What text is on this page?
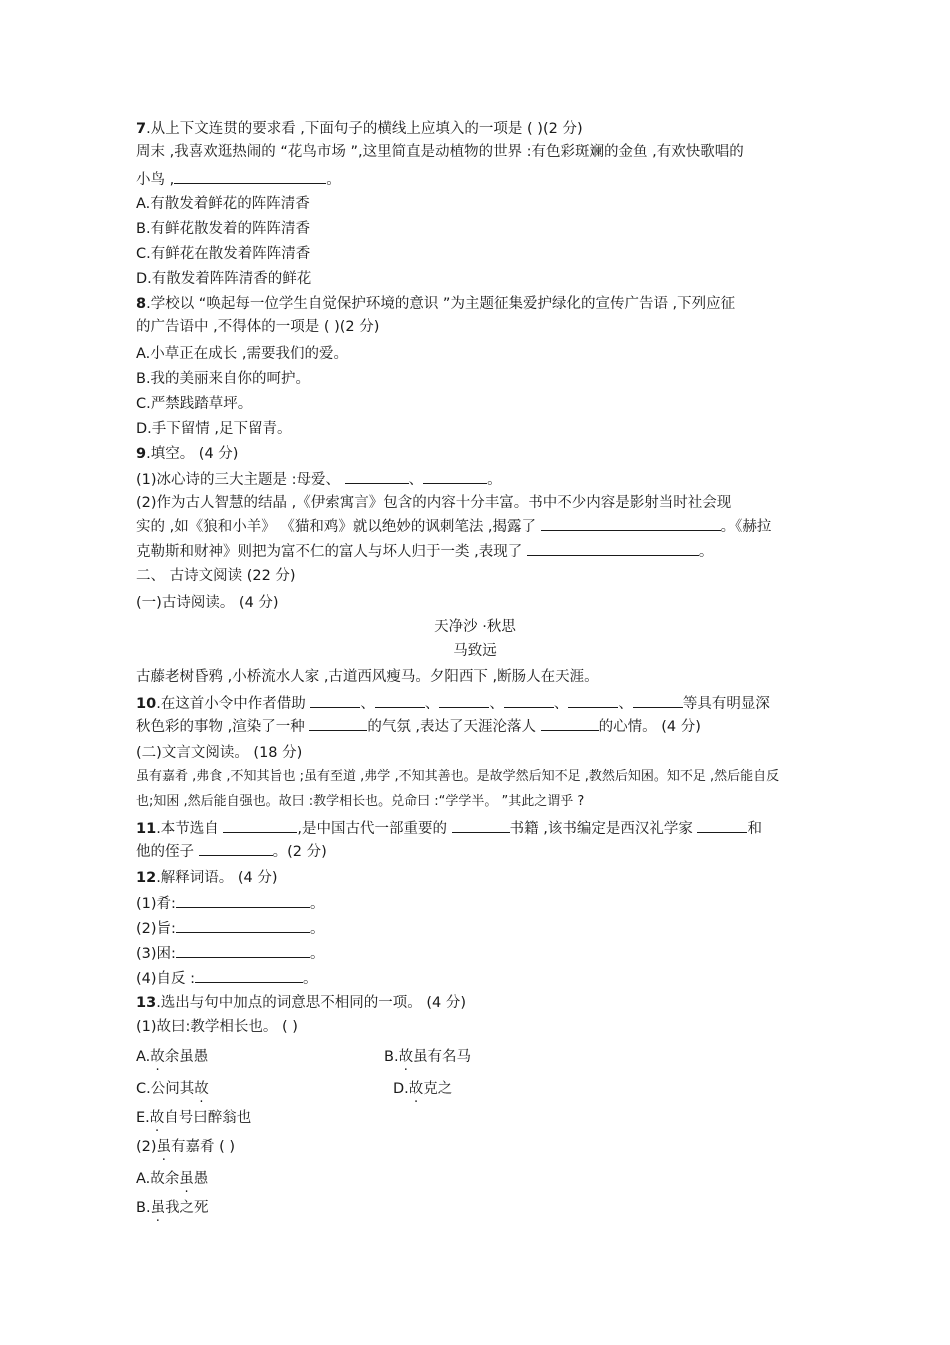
7.从上下文连贯的要求看 ,下面句子的横线上应填入的一项是 ( )(2 分)
周末 ,我喜欢逛热闹的 “花鸟市场 ”,这里简直是动植物的世界 :有色彩斑斓的金鱼 ,有欢快歌唱的
小鸟 ,	。
A.有散发着鲜花的阵阵清香
B.有鲜花散发着的阵阵清香
C.有鲜花在散发着阵阵清香
D.有散发着阵阵清香的鲜花
8.学校以 “唤起每一位学生自觉保护环境的意识 ”为主题征集爱护绿化的宣传广告语 ,下列应征
的广告语中 ,不得体的一项是 ( )(2 分)
A.小草正在成长 ,需要我们的爱。
B.我的美丽来自你的呵护。
C.严禁践踏草坪。
D.手下留情 ,足下留青。
9.填空。 (4 分)
(1)冰心诗的三大主题是 :母爱、	、	。
(2)作为古人智慧的结晶 ,《伊索寓言》包含的内容十分丰富。书中不少内容是影射当时社会现
实的 ,如《狼和小羊》 《猫和鸡》就以绝妙的讽刺笔法 ,揭露了	。《赫拉
克勒斯和财神》则把为富不仁的富人与坏人归于一类 ,表现了	。
二、 古诗文阅读 (22 分)
(一)古诗阅读。 (4 分)
天净沙 ·秋思
马致远
古藤老树昏鸦 ,小桥流水人家 ,古道西风瘦马。夕阳西下 ,断肠人在天涯。
10.在这首小令中作者借助	、	、	、	、	、	等具有明显深
秋色彩的事物 ,渲染了一种	的气氛 ,表达了天涯沦落人	的心情。 (4 分)
(二)文言文阅读。 (18 分)
虽有嘉肴 ,弗食 ,不知其旨也 ;虽有至道 ,弗学 ,不知其善也。是故学然后知不足 ,教然后知困。知不足 ,然后能自反
也;知困 ,然后能自强也。故曰 :教学相长也。兑命曰 :“学学半。 ”其此之谓乎 ?
11.本节选自	,是中国古代一部重要的	书籍 ,该书编定是西汉礼学家	和
他的侄子	。(2 分)
12.解释词语。 (4 分)
(1)肴:	。
(2)旨:	。
(3)困:	。
(4)自反 :	。
13.选出与句中加点的词意思不相同的一项。 (4 分)
(1)故曰:教学相长也。 ( )
A.故余虽愚	B.故虽有名马
C.公问其故	D.故克之
E.故自号曰醉翁也
(2)虽有嘉肴 ( )
A.故余虽愚
B.虽我之死
